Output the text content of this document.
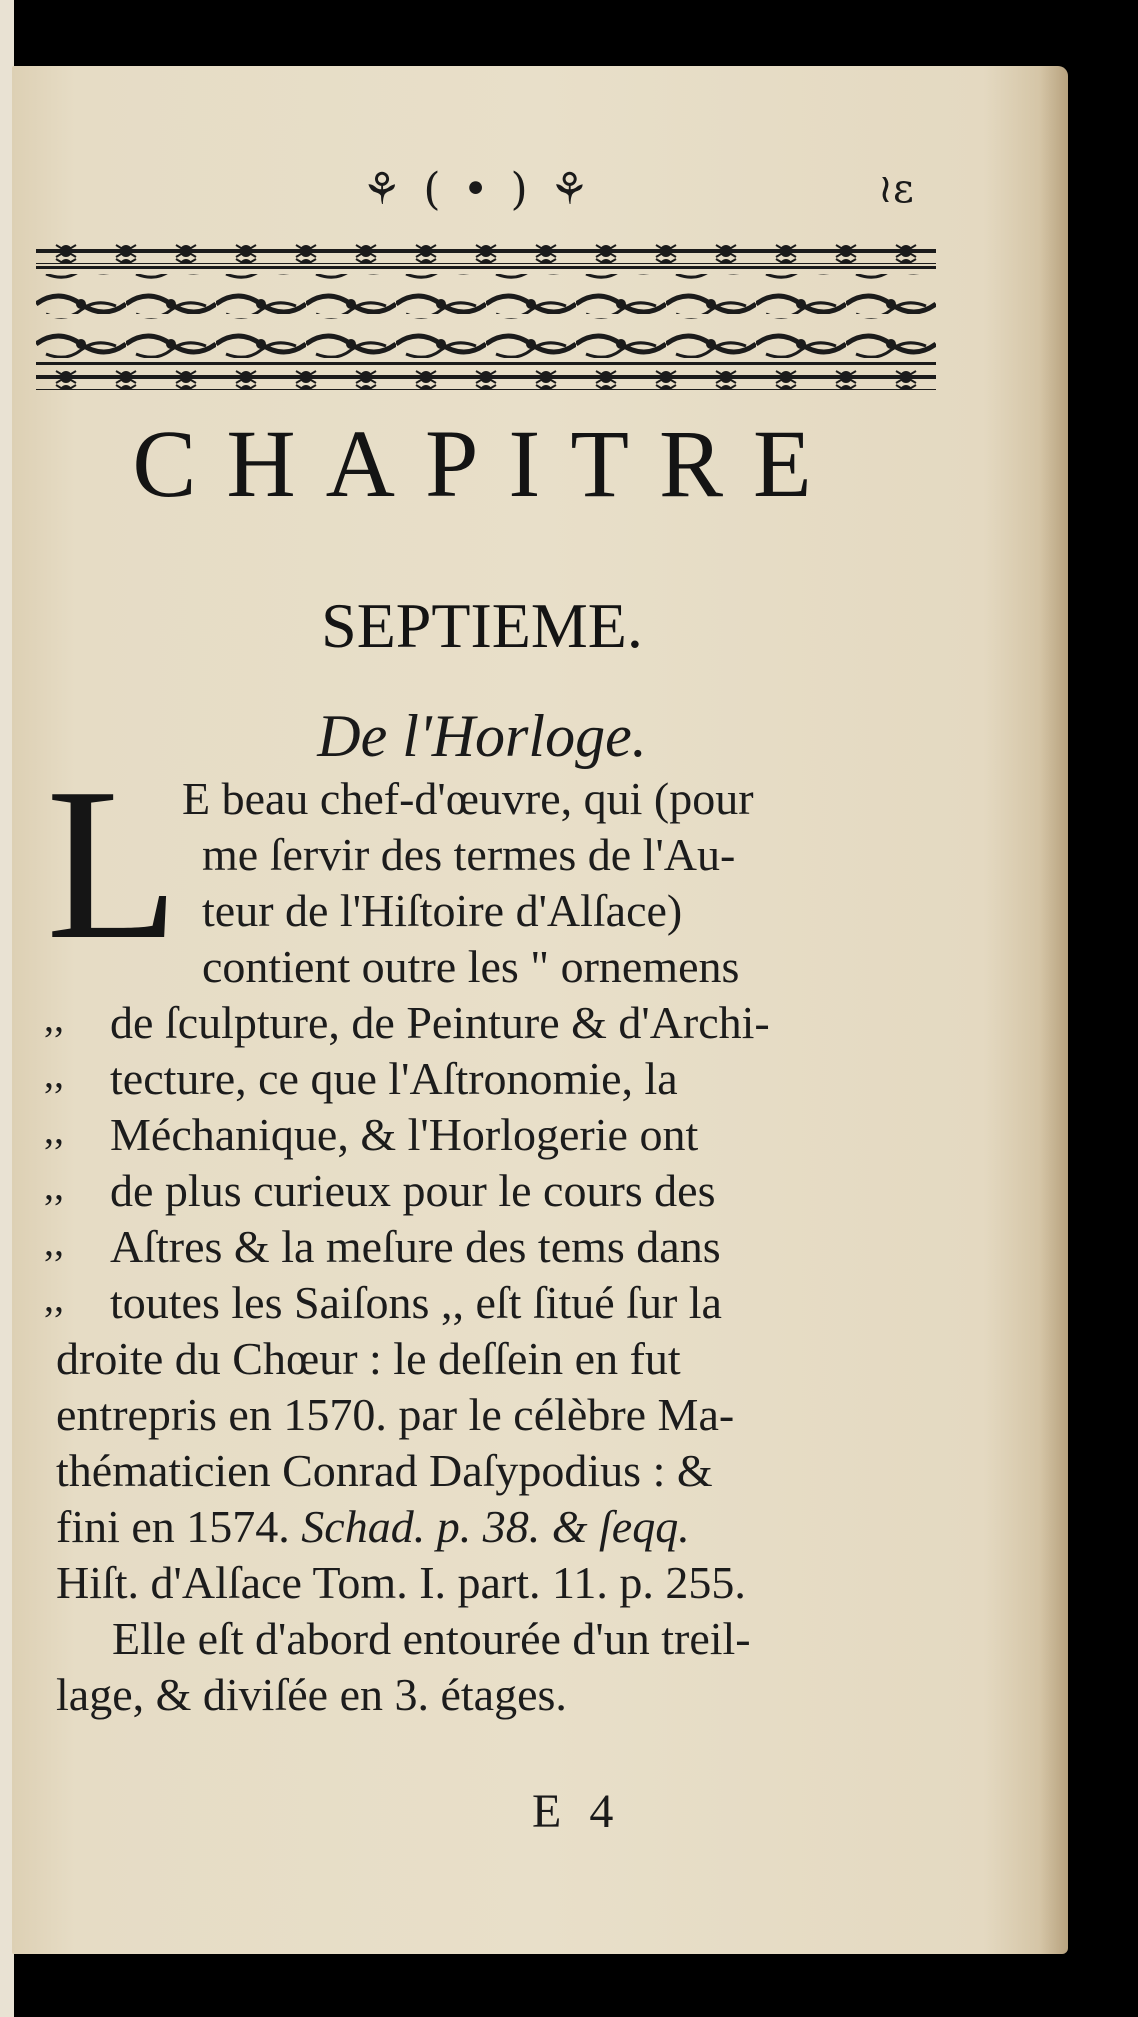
⚘ ( • ) ⚘	≀ε
CHAPITRE
SEPTIEME.
De l'Horloge.
L E beau chef-d'œuvre, qui (pour
me ſervir des termes de l'Au-
teur de l'Hiſtoire d'Alſace)
contient outre les " ornemens
,, de ſculpture, de Peinture & d'Archi-
,, tecture, ce que l'Aſtronomie, la
,, Méchanique, & l'Horlogerie ont
,, de plus curieux pour le cours des
,, Aſtres & la meſure des tems dans
,, toutes les Saiſons ,, eſt ſitué ſur la
droite du Chœur : le deſſein en fut
entrepris en 1570. par le célèbre Ma-
thématicien Conrad Daſypodius : &
fini en 1574. Schad. p. 38. & ſeqq.
Hiſt. d'Alſace Tom. I. part. 11. p. 255.
Elle eſt d'abord entourée d'un treil-
lage, & diviſée en 3. étages.
E 4
